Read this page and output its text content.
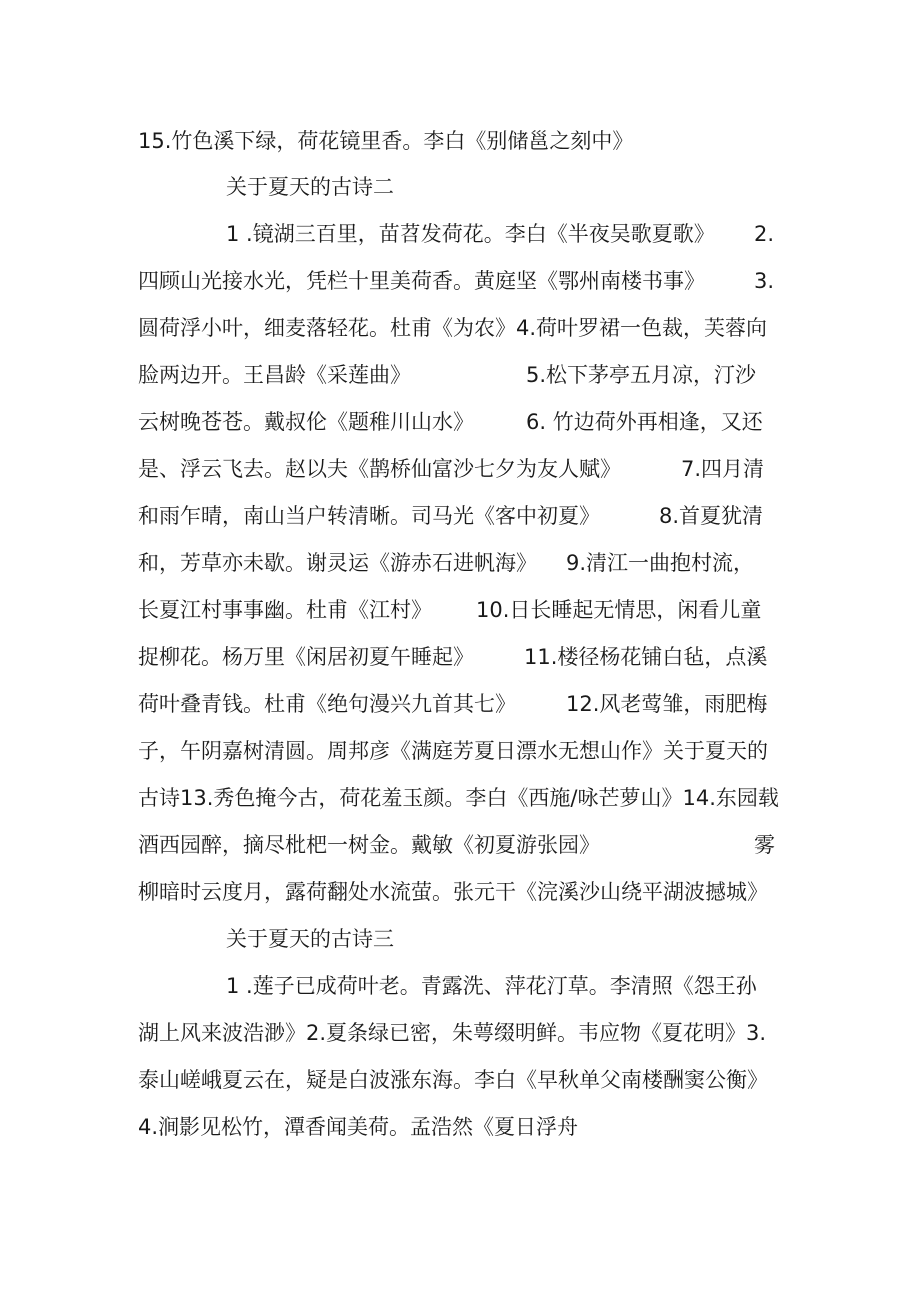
15.竹色溪下绿，荷花镜里香。李白《别储邕之刻中》
关于夏天的古诗二
1 .镜湖三百里，苗苕发荷花。李白《半夜吴歌夏歌》 2.
四顾山光接水光，凭栏十里美荷香。黄庭坚《鄂州南楼书事》 3.
圆荷浮小叶，细麦落轻花。杜甫《为农》4.荷叶罗裙一色裁，芙蓉向
脸两边开。王昌龄《采莲曲》	5.松下茅亭五月凉，汀沙
云树晚苍苍。戴叔伦《题稚川山水》 6. 竹边荷外再相逢，又还
是、浮云飞去。赵以夫《鹊桥仙富沙七夕为友人赋》	7.四月清
和雨乍晴，南山当户转清晰。司马光《客中初夏》	8.首夏犹清
和，芳草亦未歇。谢灵运《游赤石进帆海》 9.清江一曲抱村流，
长夏江村事事幽。杜甫《江村》 10.日长睡起无情思，闲看儿童
捉柳花。杨万里《闲居初夏午睡起》 11.楼径杨花铺白毡，点溪
荷叶叠青钱。杜甫《绝句漫兴九首其七》 12.风老莺雏，雨肥梅
子，午阴嘉树清圆。周邦彦《满庭芳夏日漂水无想山作》关于夏天的
古诗13.秀色掩今古，荷花羞玉颜。李白《西施/咏芒萝山》14.东园载
酒西园醉，摘尽枇杷一树金。戴敏《初夏游张园》	雾
柳暗时云度月，露荷翻处水流萤。张元干《浣溪沙山绕平湖波撼城》
关于夏天的古诗三
1 .莲子已成荷叶老。青露洗、萍花汀草。李清照《怨王孙
湖上风来波浩渺》2.夏条绿已密，朱萼缀明鲜。韦应物《夏花明》3.
泰山嵯峨夏云在，疑是白波涨东海。李白《早秋单父南楼酬窦公衡》
4.涧影见松竹，潭香闻美荷。孟浩然《夏日浮舟
